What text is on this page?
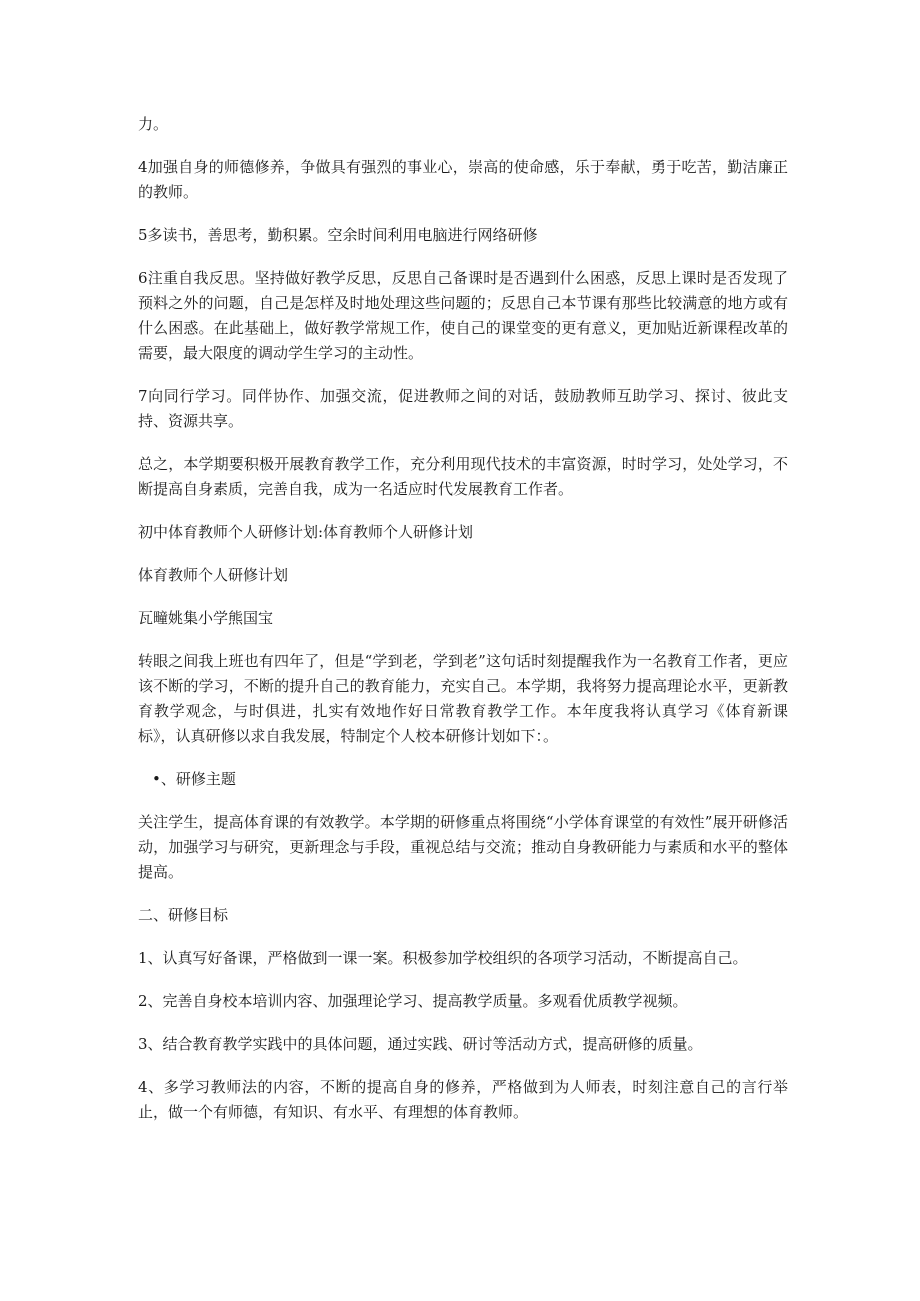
力。

4加强自身的师德修养，争做具有强烈的事业心，崇高的使命感，乐于奉献，勇于吃苦，勤洁廉正的教师。

5多读书，善思考，勤积累。空余时间利用电脑进行网络研修

6注重自我反思。坚持做好教学反思，反思自己备课时是否遇到什么困惑，反思上课时是否发现了预料之外的问题，自己是怎样及时地处理这些问题的；反思自己本节课有那些比较满意的地方或有什么困惑。在此基础上，做好教学常规工作，使自己的课堂变的更有意义，更加贴近新课程改革的需要，最大限度的调动学生学习的主动性。

7向同行学习。同伴协作、加强交流，促进教师之间的对话，鼓励教师互助学习、探讨、彼此支持、资源共享。

总之，本学期要积极开展教育教学工作，充分利用现代技术的丰富资源，时时学习，处处学习，不断提高自身素质，完善自我，成为一名适应时代发展教育工作者。

初中体育教师个人研修计划:体育教师个人研修计划

体育教师个人研修计划

瓦疃姚集小学熊国宝

转眼之间我上班也有四年了，但是“学到老，学到老”这句话时刻提醒我作为一名教育工作者，更应该不断的学习，不断的提升自己的教育能力，充实自己。本学期，我将努力提高理论水平，更新教育教学观念，与时俱进，扎实有效地作好日常教育教学工作。本年度我将认真学习《体育新课标》，认真研修以求自我发展，特制定个人校本研修计划如下：。

•、研修主题

关注学生，提高体育课的有效教学。本学期的研修重点将围绕“小学体育课堂的有效性”展开研修活动，加强学习与研究，更新理念与手段，重视总结与交流；推动自身教研能力与素质和水平的整体提高。

二、研修目标

1、认真写好备课，严格做到一课一案。积极参加学校组织的各项学习活动，不断提高自己。

2、完善自身校本培训内容、加强理论学习、提高教学质量。多观看优质教学视频。

3、结合教育教学实践中的具体问题，通过实践、研讨等活动方式，提高研修的质量。

4、多学习教师法的内容，不断的提高自身的修养，严格做到为人师表，时刻注意自己的言行举止，做一个有师德，有知识、有水平、有理想的体育教师。
